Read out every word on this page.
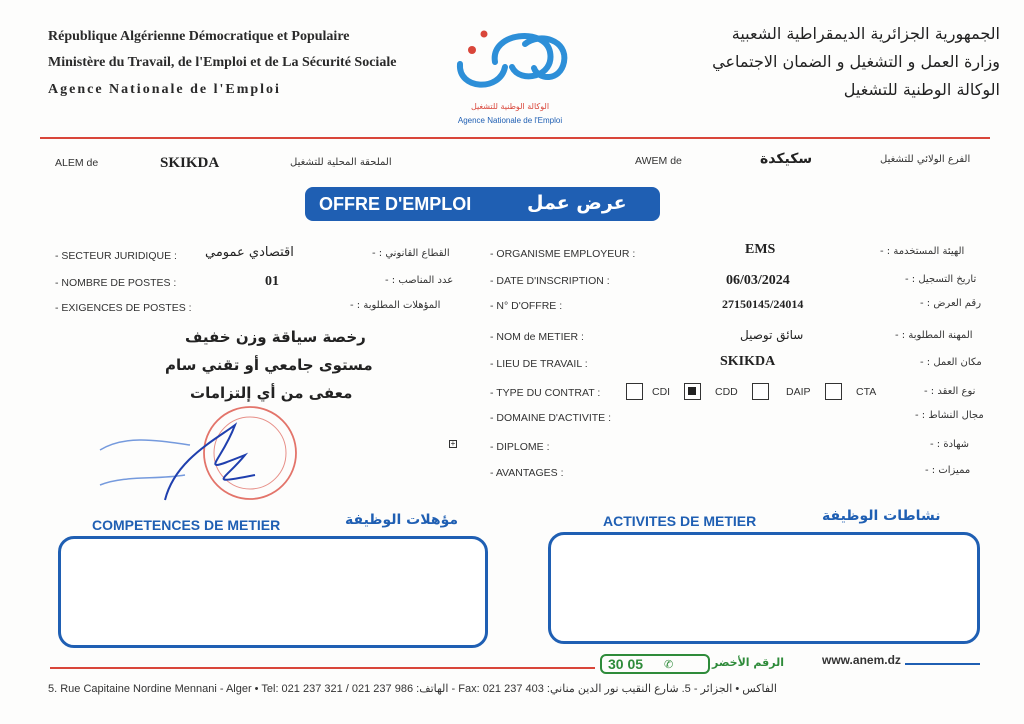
République Algérienne Démocratique et Populaire
Ministère du Travail, de l'Emploi et de La Sécurité Sociale
Agence Nationale de l'Emploi
الوكالة الوطنية للتشغيل
Agence Nationale de l'Emploi
الجمهورية الجزائرية الديمقراطية الشعبية
وزارة العمل و التشغيل و الضمان الاجتماعي
الوكالة الوطنية للتشغيل
ALEM de	SKIKDA	الملحقة المحلية للتشغيل	AWEM de	سكيكدة	الفرع الولائي للتشغيل
OFFRE D'EMPLOI	عرض عمل
- SECTEUR JURIDIQUE : اقتصادي عمومي	القطاع القانوني : -
- NOMBRE DE POSTES :	01	عدد المناصب : -
- EXIGENCES DE POSTES :	المؤهلات المطلوبة : -
رخصة سياقة وزن خفيف
مستوى جامعي أو تقني سام
معفى من أي إلتزامات
+
- ORGANISME EMPLOYEUR :	EMS	الهيئة المستخدمة : -
- DATE D'INSCRIPTION :	06/03/2024	تاريخ التسجيل : -
- N° D'OFFRE :	27150145/24014	رقم العرض : -
- NOM de METIER :	سائق توصيل	المهنة المطلوبة : -
- LIEU DE TRAVAIL :	SKIKDA	مكان العمل : -
- TYPE DU CONTRAT :	CDI	CDD	DAIP	CTA	نوع العقد : -
- DOMAINE D'ACTIVITE :	مجال النشاط : -
- DIPLOME :	شهادة : -
- AVANTAGES :	مميزات : -
COMPETENCES DE METIER	مؤهلات الوظيفة	ACTIVITES DE METIER	نشاطات الوظيفة
30 05 ✆	الرقم الأخضر	www.anem.dz
5. Rue Capitaine Nordine Mennani - Alger • Tel: 021 237 321 / 021 237 986 :الهاتف - Fax: 021 237 403 :الفاكس • الجزائر - 5. شارع النقيب نور الدين مناني
